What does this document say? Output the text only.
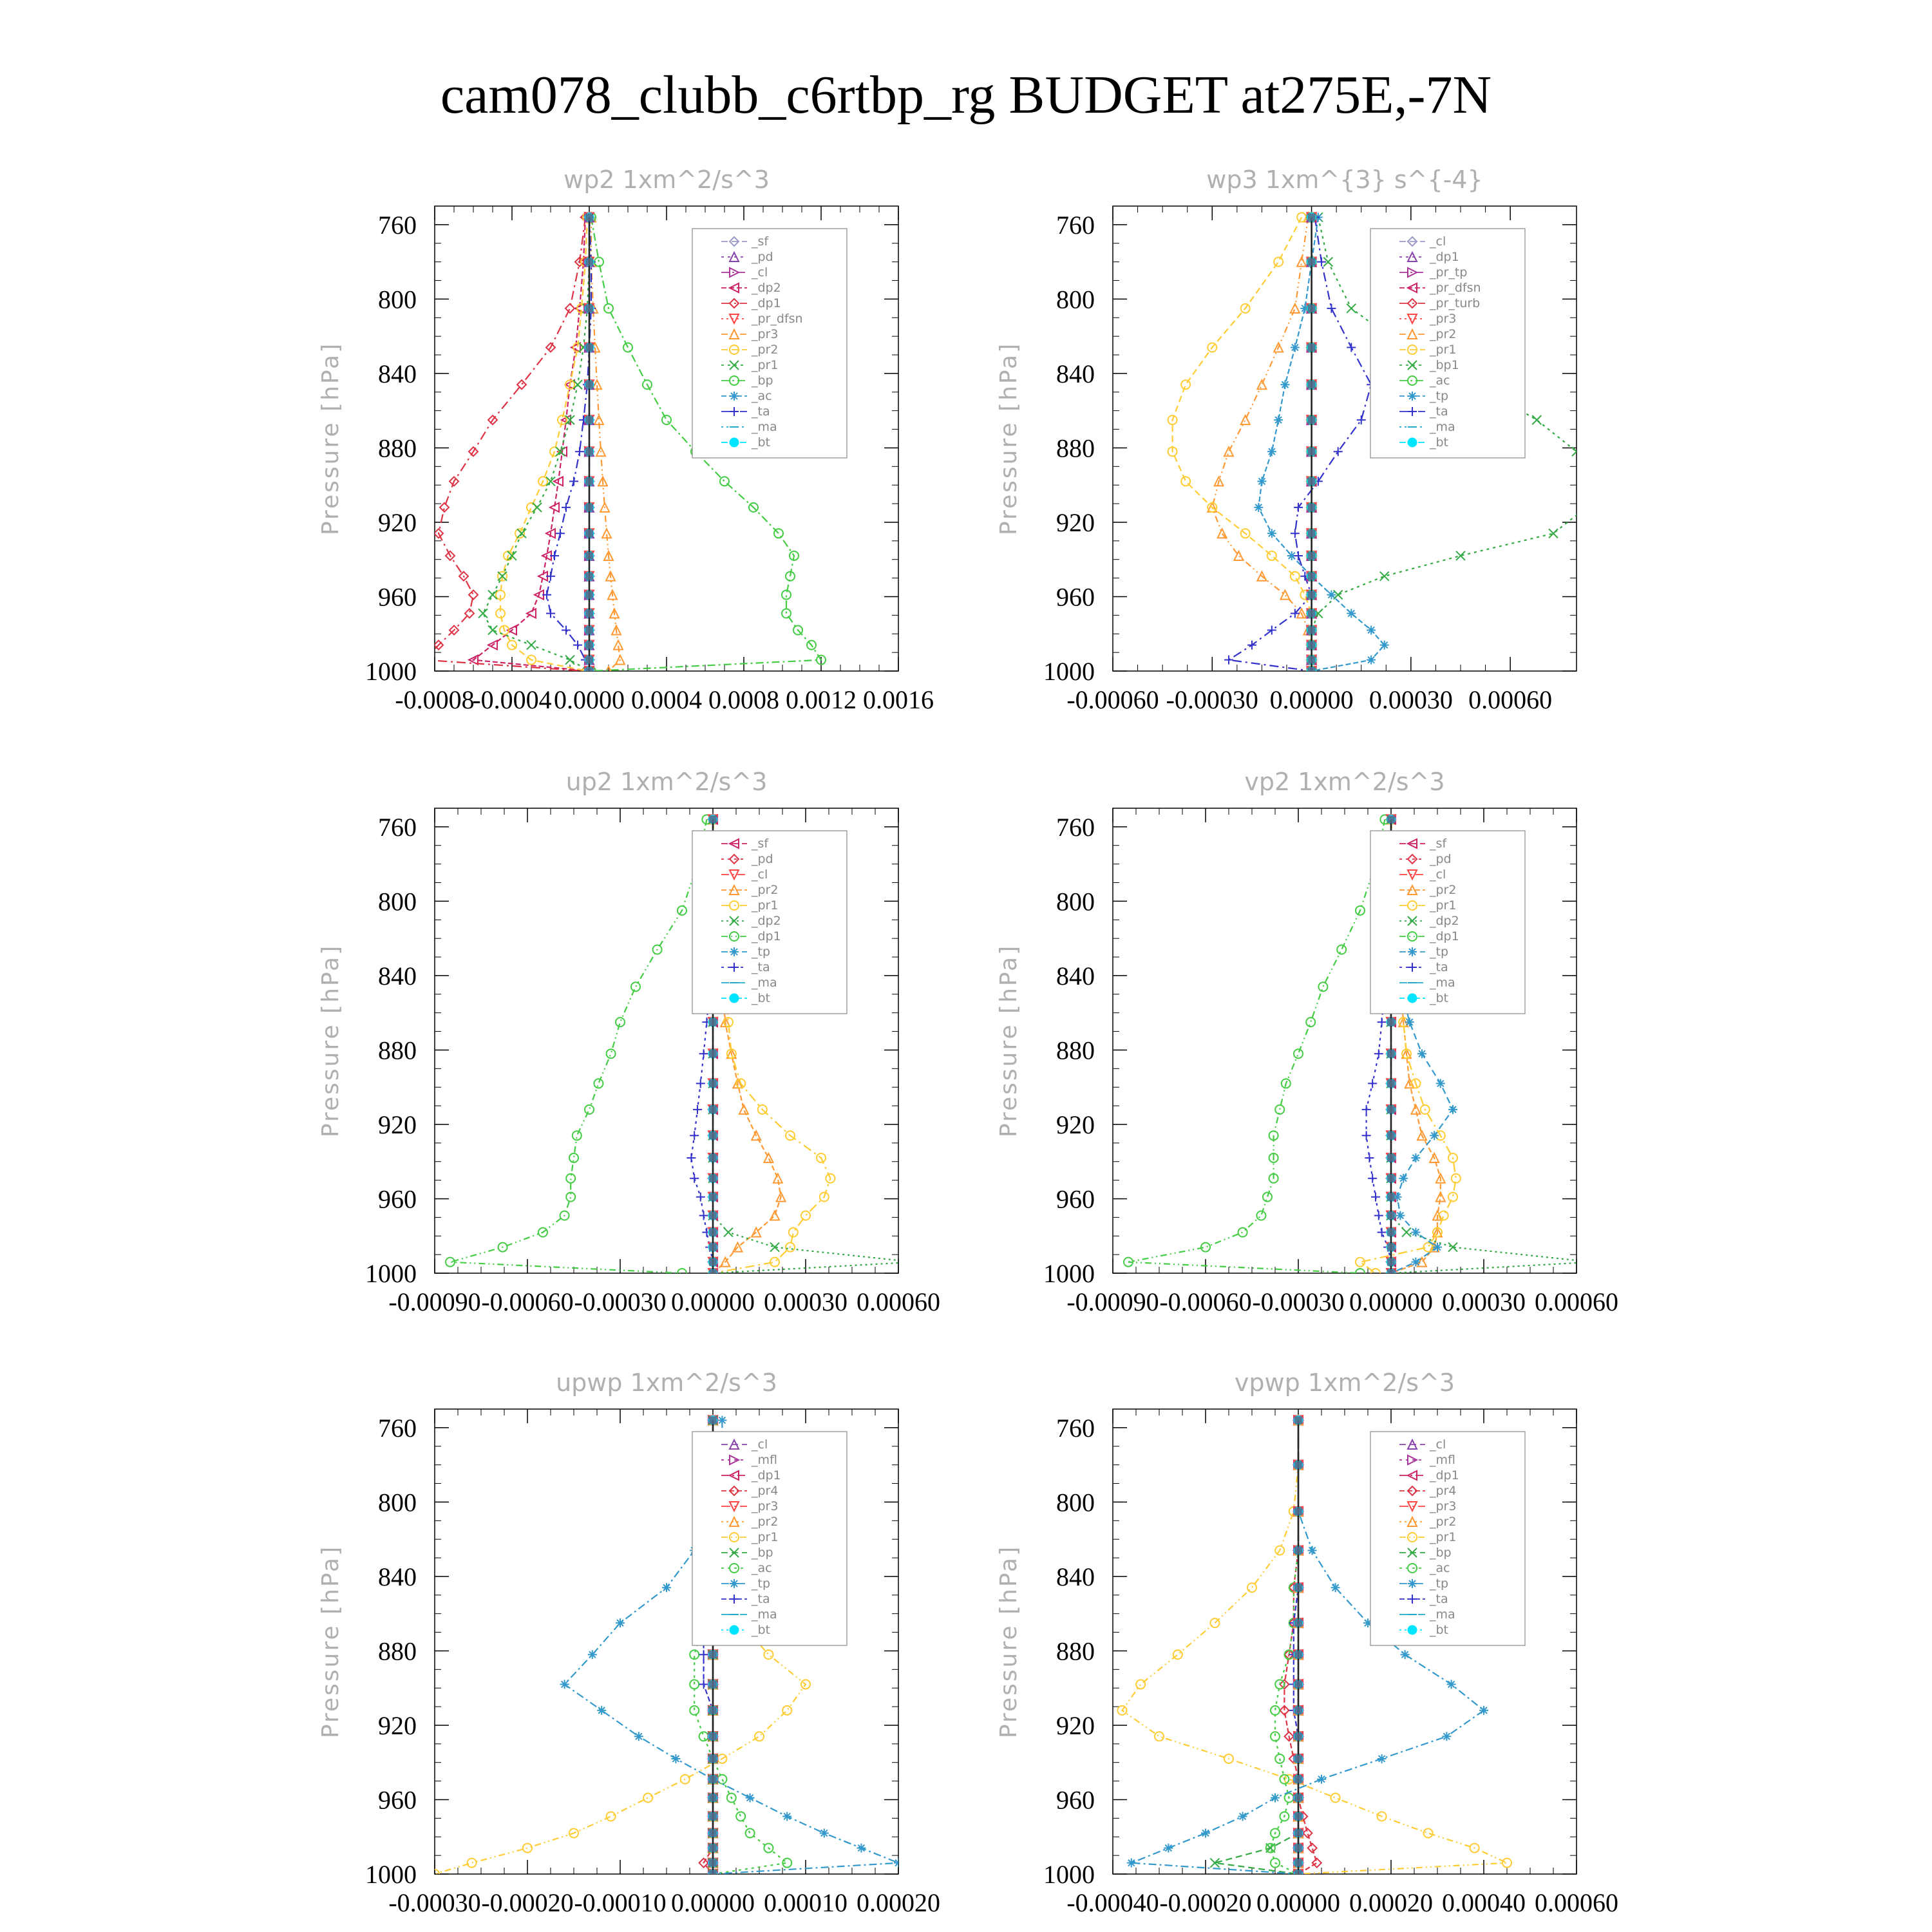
cam078_clubb_c6rtbp_rg BUDGET at275E,-7N
wp2 1xm^2/s^3
Pressure [hPa]
760
800
840
880
920
960
1000
-0.0008
-0.0004 0.0000 0.0004 0.0008 0.0012 0.0016
_sf
_pd
_cl
_dp2
_dp1
_pr_dfsn
_pr3
_pr2
_pr1
_bp
_ac
_ta
_ma
_bt
wp3 1xm^{3} s^{-4}
Pressure [hPa]
760
800
840
880
920
960
1000
-0.00060 -0.00030 0.00000 0.00030 0.00060
_cl
_dp1
_pr_tp
_pr_dfsn
_pr_turb
_pr3
_pr2
_pr1
_bp1
_ac
_tp
_ta
_ma
_bt
up2 1xm^2/s^3
Pressure [hPa]
760
800
840
880
920
960
1000
-0.00090 -0.00060 -0.00030 0.00000 0.00030 0.00060
_sf
_pd
_cl
_pr2
_pr1
_dp2
_dp1
_tp
_ta
_ma
_bt
vp2 1xm^2/s^3
Pressure [hPa]
760
800
840
880
920
960
1000
-0.00090 -0.00060 -0.00030 0.00000 0.00030 0.00060
_sf
_pd
_cl
_pr2
_pr1
_dp2
_dp1
_tp
_ta
_ma
_bt
upwp 1xm^2/s^3
Pressure [hPa]
760
800
840
880
920
960
1000
-0.00030 -0.00020 -0.00010 0.00000 0.00010 0.00020
_cl
_mfl
_dp1
_pr4
_pr3
_pr2
_pr1
_bp
_ac
_tp
_ta
_ma
_bt
vpwp 1xm^2/s^3
Pressure [hPa]
760
800
840
880
920
960
1000
-0.00040 -0.00020 0.00000 0.00020 0.00040 0.00060
_cl
_mfl
_dp1
_pr4
_pr3
_pr2
_pr1
_bp
_ac
_tp
_ta
_ma
_bt
